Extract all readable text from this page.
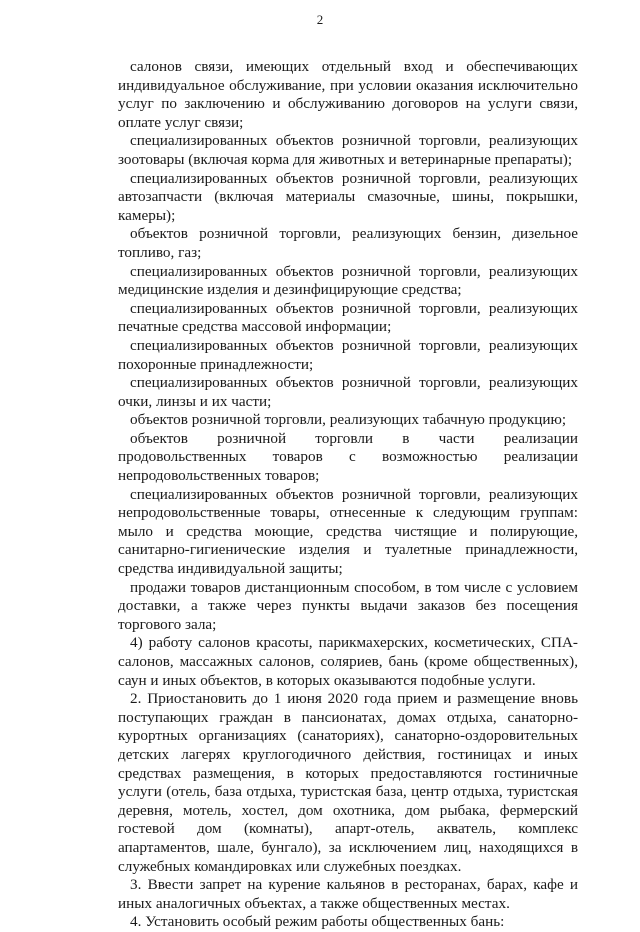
2

салонов связи, имеющих отдельный вход и обеспечивающих индивидуальное обслуживание, при условии оказания исключительно услуг по заключению и обслуживанию договоров на услуги связи, оплате услуг связи;

специализированных объектов розничной торговли, реализующих зоотовары (включая корма для животных и ветеринарные препараты);

специализированных объектов розничной торговли, реализующих автозапчасти (включая материалы смазочные, шины, покрышки, камеры);

объектов розничной торговли, реализующих бензин, дизельное топливо, газ;

специализированных объектов розничной торговли, реализующих медицинские изделия и дезинфицирующие средства;

специализированных объектов розничной торговли, реализующих печатные средства массовой информации;

специализированных объектов розничной торговли, реализующих похоронные принадлежности;

специализированных объектов розничной торговли, реализующих очки, линзы и их части;

объектов розничной торговли, реализующих табачную продукцию;

объектов розничной торговли в части реализации продовольственных товаров с возможностью реализации непродовольственных товаров;

специализированных объектов розничной торговли, реализующих непродовольственные товары, отнесенные к следующим группам: мыло и средства моющие, средства чистящие и полирующие, санитарно-гигиенические изделия и туалетные принадлежности, средства индивидуальной защиты;

продажи товаров дистанционным способом, в том числе с условием доставки, а также через пункты выдачи заказов без посещения торгового зала;

4) работу салонов красоты, парикмахерских, косметических, СПА-салонов, массажных салонов, соляриев, бань (кроме общественных), саун и иных объектов, в которых оказываются подобные услуги.

2. Приостановить до 1 июня 2020 года прием и размещение вновь поступающих граждан в пансионатах, домах отдыха, санаторно-курортных организациях (санаториях), санаторно-оздоровительных детских лагерях круглогодичного действия, гостиницах и иных средствах размещения, в которых предоставляются гостиничные услуги (отель, база отдыха, туристская база, центр отдыха, туристская деревня, мотель, хостел, дом охотника, дом рыбака, фермерский гостевой дом (комнаты), апарт-отель, акватель, комплекс апартаментов, шале, бунгало), за исключением лиц, находящихся в служебных командировках или служебных поездках.

3. Ввести запрет на курение кальянов в ресторанах, барах, кафе и иных аналогичных объектах, а также общественных местах.

4. Установить особый режим работы общественных бань:
